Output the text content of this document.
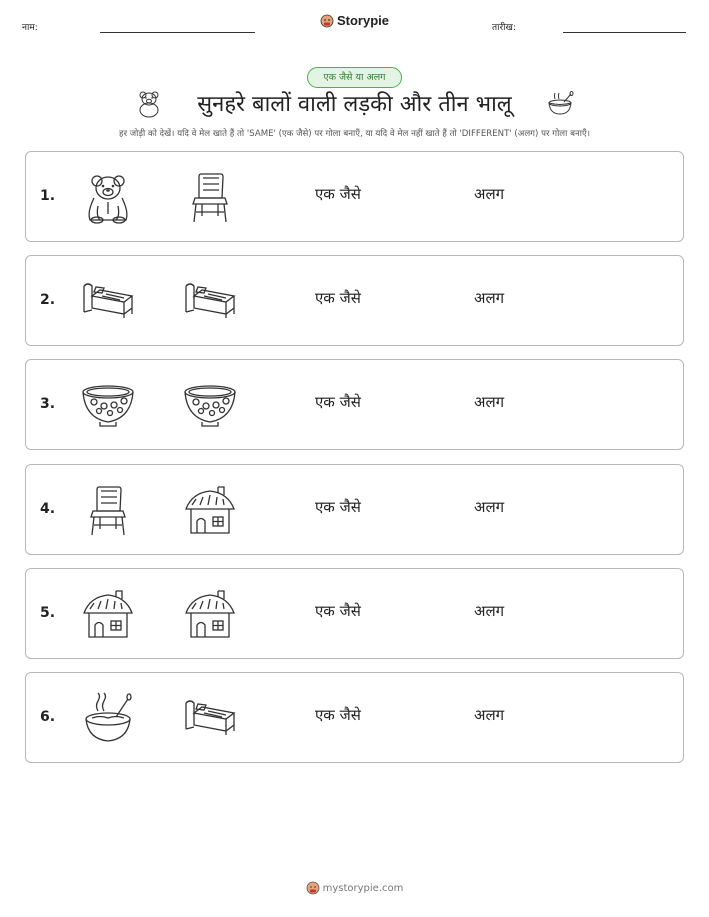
नाम:	Storypie	तारीख:
एक जैसे या अलग
सुनहरे बालों वाली लड़की और तीन भालू
हर जोड़ी को देखें। यदि वे मेल खाते हैं तो 'SAME' (एक जैसे) पर गोला बनाएँ, या यदि वे मेल नहीं खाते हैं तो 'DIFFERENT' (अलग) पर गोला बनाएँ।
1.	एक जैसे	अलग
2.	एक जैसे	अलग
3.	एक जैसे	अलग
4.	एक जैसे	अलग
5.	एक जैसे	अलग
6.	एक जैसे	अलग
mystorypie.com
